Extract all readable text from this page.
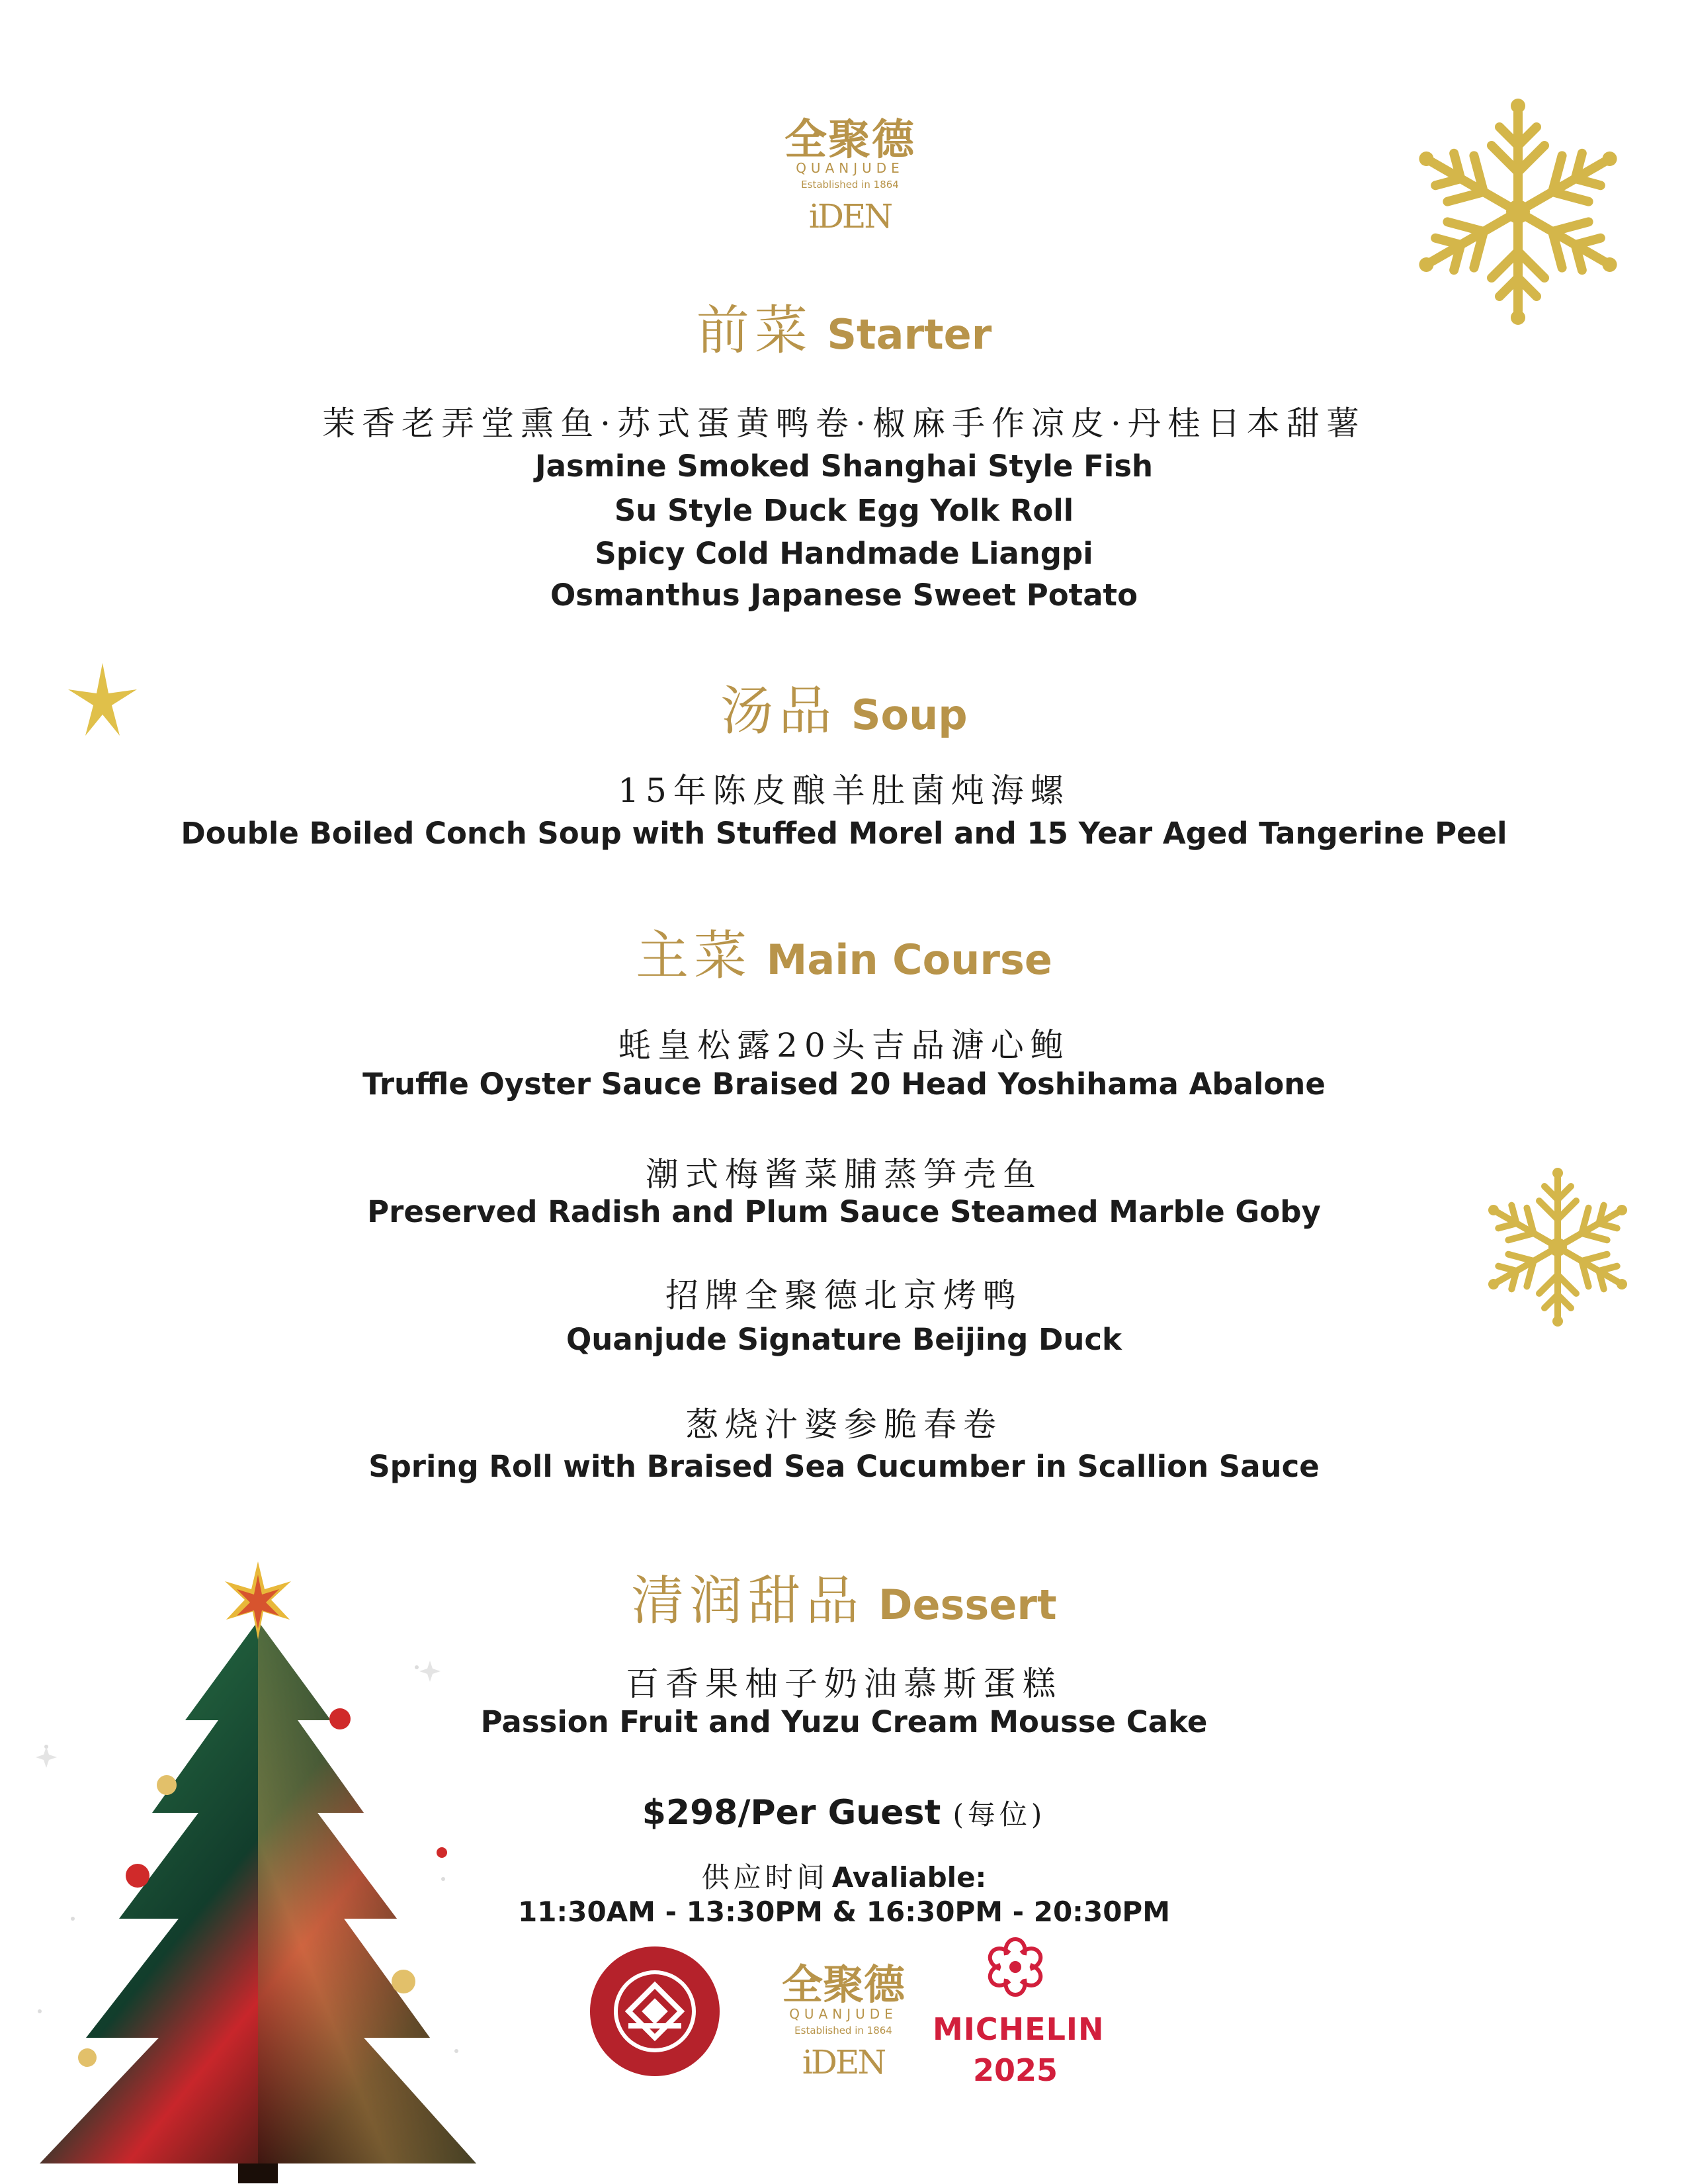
全聚德
QUANJUDE
Established in 1864
iDEN
前菜 Starter
茉香老弄堂熏鱼·苏式蛋黄鸭卷·椒麻手作凉皮·丹桂日本甜薯
Jasmine Smoked Shanghai Style Fish
Su Style Duck Egg Yolk Roll
Spicy Cold Handmade Liangpi
Osmanthus Japanese Sweet Potato
汤品 Soup
15年陈皮酿羊肚菌炖海螺
Double Boiled Conch Soup with Stuffed Morel and 15 Year Aged Tangerine Peel
主菜 Main Course
蚝皇松露20头吉品溏心鲍
Truffle Oyster Sauce Braised 20 Head Yoshihama Abalone
潮式梅酱菜脯蒸笋壳鱼
Preserved Radish and Plum Sauce Steamed Marble Goby
招牌全聚德北京烤鸭
Quanjude Signature Beijing Duck
葱烧汁婆参脆春卷
Spring Roll with Braised Sea Cucumber in Scallion Sauce
清润甜品 Dessert
百香果柚子奶油慕斯蛋糕
Passion Fruit and Yuzu Cream Mousse Cake
$298/Per Guest (每位)
供应时间 Avaliable:
11:30AM - 13:30PM & 16:30PM - 20:30PM
全聚德
QUANJUDE
Established in 1864
iDEN
MICHELIN
2025
